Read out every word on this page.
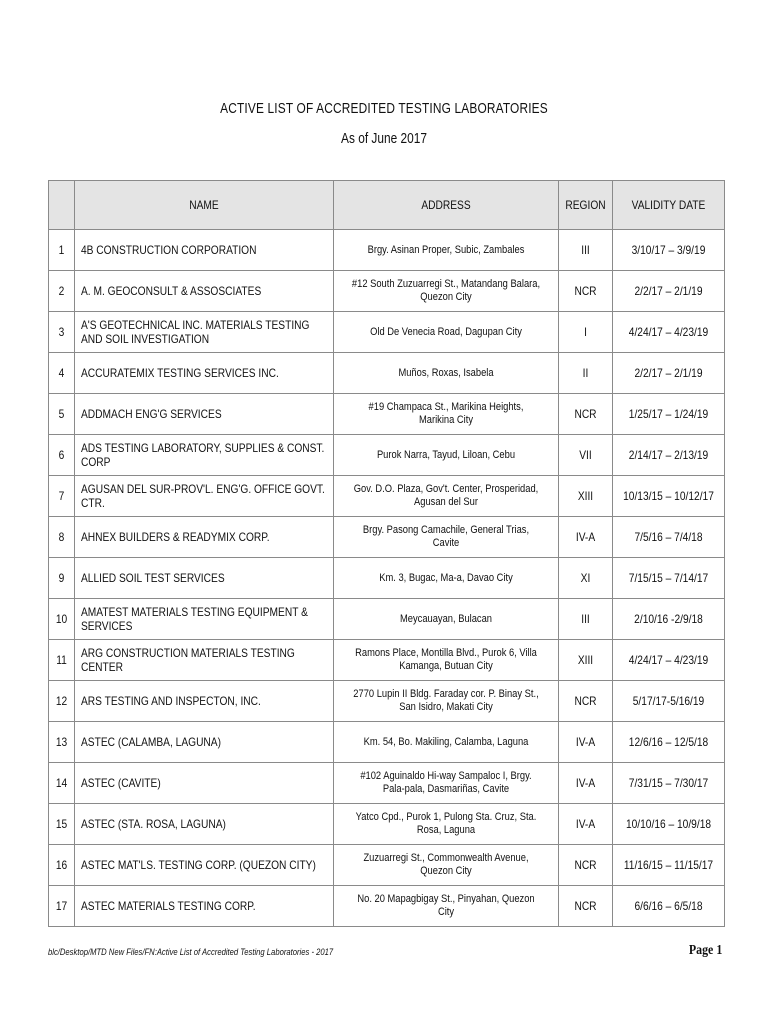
ACTIVE LIST OF ACCREDITED TESTING LABORATORIES
As of June 2017

	NAME	ADDRESS	REGION	VALIDITY DATE

1	4B CONSTRUCTION CORPORATION	Brgy. Asinan Proper, Subic, Zambales	III	3/10/17 – 3/9/19

2	A. M. GEOCONSULT & ASSOSCIATES	#12 South Zuzuarregi St., Matandang Balara, Quezon City	NCR	2/2/17 – 2/1/19

3	A'S GEOTECHNICAL INC. MATERIALS TESTING AND SOIL INVESTIGATION	Old De Venecia Road, Dagupan City	I	4/24/17 – 4/23/19

4	ACCURATEMIX TESTING SERVICES INC.	Muños, Roxas, Isabela	II	2/2/17 – 2/1/19

5	ADDMACH ENG'G SERVICES	#19 Champaca St., Marikina Heights, Marikina City	NCR	1/25/17 – 1/24/19

6	ADS TESTING LABORATORY, SUPPLIES & CONST. CORP	Purok Narra, Tayud, Liloan, Cebu	VII	2/14/17 – 2/13/19

7	AGUSAN DEL SUR-PROV'L. ENG'G. OFFICE GOVT. CTR.	Gov. D.O. Plaza, Gov't. Center, Prosperidad, Agusan del Sur	XIII	10/13/15 – 10/12/17

8	AHNEX BUILDERS & READYMIX CORP.	Brgy. Pasong Camachile, General Trias, Cavite	IV-A	7/5/16 – 7/4/18

9	ALLIED SOIL TEST SERVICES	Km. 3, Bugac, Ma-a, Davao City	XI	7/15/15 – 7/14/17

10	AMATEST MATERIALS TESTING EQUIPMENT & SERVICES	Meycauayan, Bulacan	III	2/10/16 -2/9/18

11	ARG CONSTRUCTION MATERIALS TESTING CENTER	Ramons Place, Montilla Blvd., Purok 6, Villa Kamanga, Butuan City	XIII	4/24/17 – 4/23/19

12	ARS TESTING AND INSPECTON, INC.	2770 Lupin II Bldg. Faraday cor. P. Binay St., San Isidro, Makati City	NCR	5/17/17-5/16/19

13	ASTEC (CALAMBA, LAGUNA)	Km. 54, Bo. Makiling, Calamba, Laguna	IV-A	12/6/16 – 12/5/18

14	ASTEC (CAVITE)	#102 Aguinaldo Hi-way Sampaloc I, Brgy. Pala-pala, Dasmariñas, Cavite	IV-A	7/31/15 – 7/30/17

15	ASTEC (STA. ROSA, LAGUNA)	Yatco Cpd., Purok 1, Pulong Sta. Cruz, Sta. Rosa, Laguna	IV-A	10/10/16 – 10/9/18

16	ASTEC MAT'LS. TESTING CORP. (QUEZON CITY)	Zuzuarregi St., Commonwealth Avenue, Quezon City	NCR	11/16/15 – 11/15/17

17	ASTEC MATERIALS TESTING CORP.	No. 20 Mapagbigay St., Pinyahan, Quezon City	NCR	6/6/16 – 6/5/18
blc/Desktop/MTD New Files/FN:Active List of Accredited Testing Laboratories - 2017	Page 1
